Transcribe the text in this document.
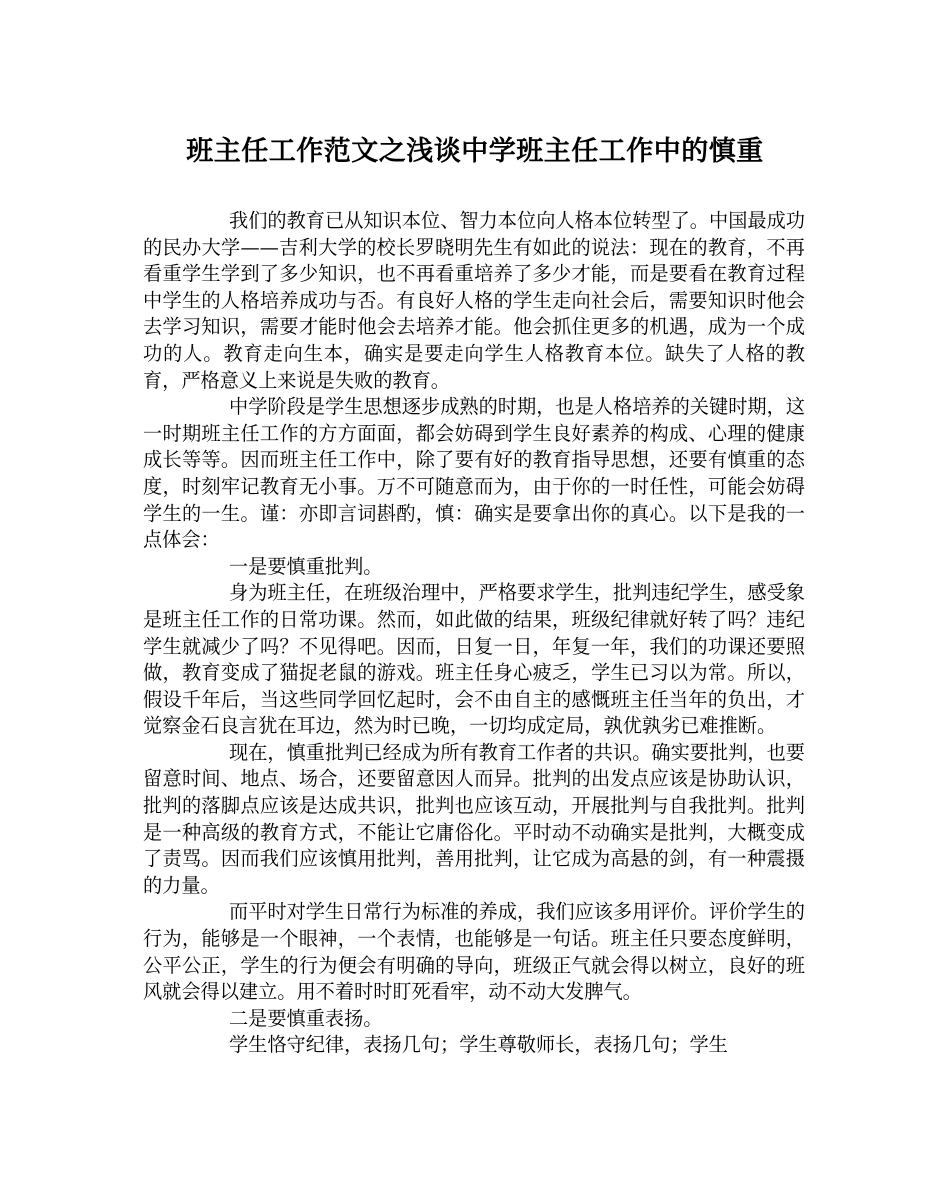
班主任工作范文之浅谈中学班主任工作中的慎重

我们的教育已从知识本位、智力本位向人格本位转型了。中国最成功的民办大学——吉利大学的校长罗晓明先生有如此的说法：现在的教育，不再看重学生学到了多少知识，也不再看重培养了多少才能，而是要看在教育过程中学生的人格培养成功与否。有良好人格的学生走向社会后，需要知识时他会去学习知识，需要才能时他会去培养才能。他会抓住更多的机遇，成为一个成功的人。教育走向生本，确实是要走向学生人格教育本位。缺失了人格的教育，严格意义上来说是失败的教育。

中学阶段是学生思想逐步成熟的时期，也是人格培养的关键时期，这一时期班主任工作的方方面面，都会妨碍到学生良好素养的构成、心理的健康成长等等。因而班主任工作中，除了要有好的教育指导思想，还要有慎重的态度，时刻牢记教育无小事。万不可随意而为，由于你的一时任性，可能会妨碍学生的一生。谨：亦即言词斟酌，慎：确实是要拿出你的真心。以下是我的一点体会：

一是要慎重批判。

身为班主任，在班级治理中，严格要求学生，批判违纪学生，感受象是班主任工作的日常功课。然而，如此做的结果，班级纪律就好转了吗？违纪学生就减少了吗？不见得吧。因而，日复一日，年复一年，我们的功课还要照做，教育变成了猫捉老鼠的游戏。班主任身心疲乏，学生已习以为常。所以，假设千年后，当这些同学回忆起时，会不由自主的感慨班主任当年的负出，才觉察金石良言犹在耳边，然为时已晚，一切均成定局，孰优孰劣已难推断。

现在，慎重批判已经成为所有教育工作者的共识。确实要批判，也要留意时间、地点、场合，还要留意因人而异。批判的出发点应该是协助认识，批判的落脚点应该是达成共识，批判也应该互动，开展批判与自我批判。批判是一种高级的教育方式，不能让它庸俗化。平时动不动确实是批判，大概变成了责骂。因而我们应该慎用批判，善用批判，让它成为高悬的剑，有一种震摄的力量。

而平时对学生日常行为标准的养成，我们应该多用评价。评价学生的行为，能够是一个眼神，一个表情，也能够是一句话。班主任只要态度鲜明，公平公正，学生的行为便会有明确的导向，班级正气就会得以树立，良好的班风就会得以建立。用不着时时盯死看牢，动不动大发脾气。

二是要慎重表扬。

学生恪守纪律，表扬几句；学生尊敬师长，表扬几句；学生
